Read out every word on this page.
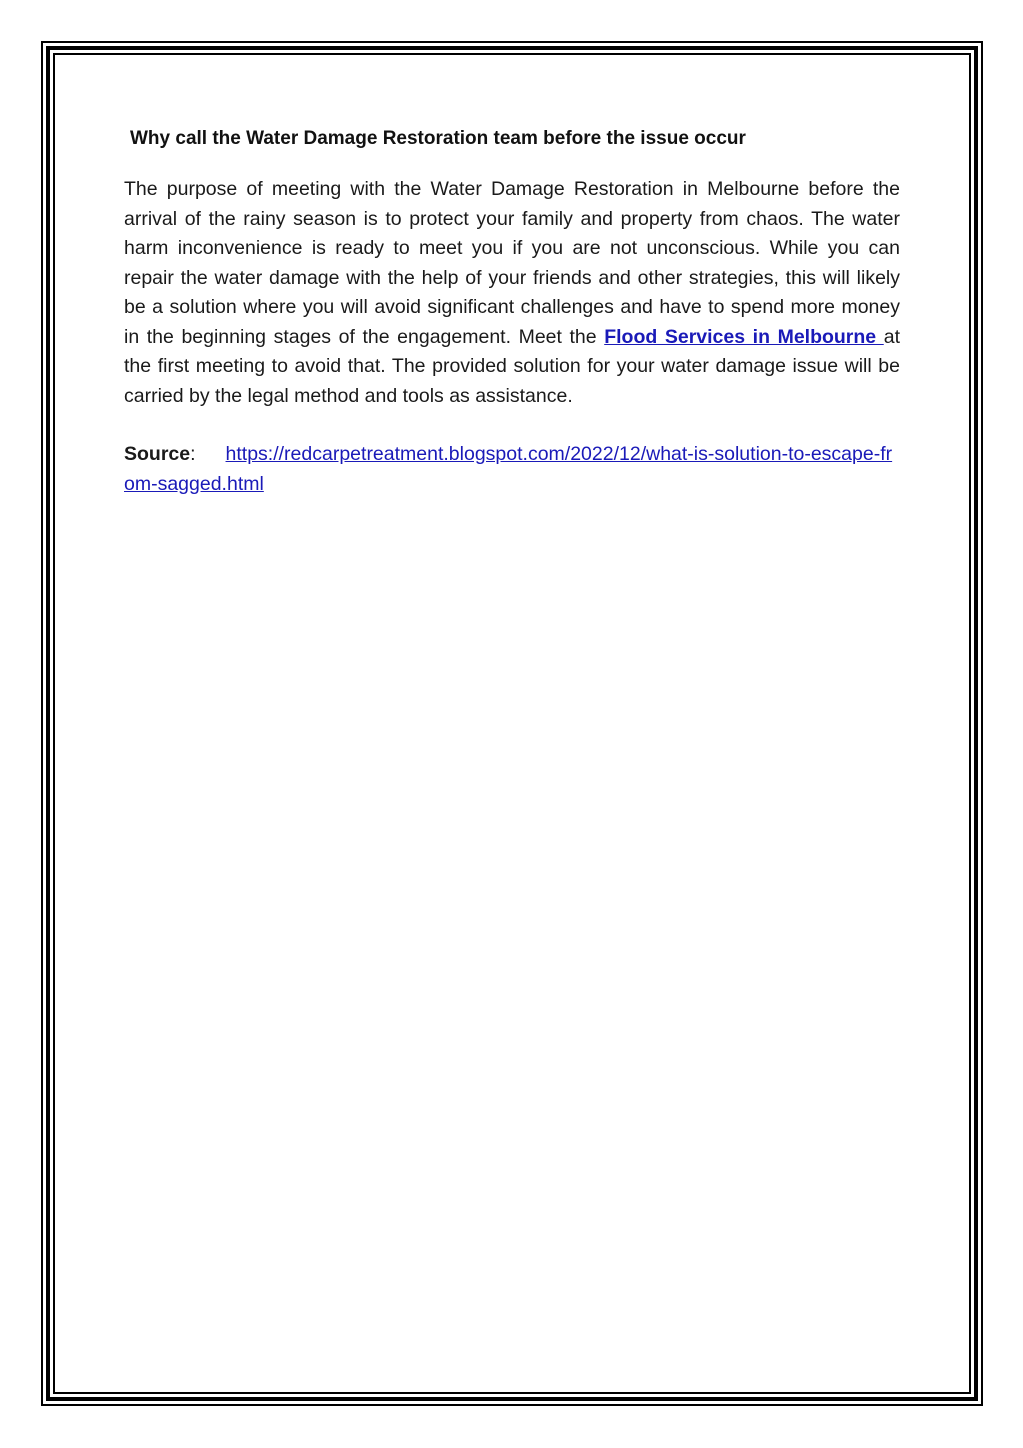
Why call the Water Damage Restoration team before the issue occur

The purpose of meeting with the Water Damage Restoration in Melbourne before the arrival of the rainy season is to protect your family and property from chaos. The water harm inconvenience is ready to meet you if you are not unconscious. While you can repair the water damage with the help of your friends and other strategies, this will likely be a solution where you will avoid significant challenges and have to spend more money in the beginning stages of the engagement. Meet the Flood Services in Melbourne at the first meeting to avoid that. The provided solution for your water damage issue will be carried by the legal method and tools as assistance.

Source: https://redcarpetreatment.blogspot.com/2022/12/what-is-solution-to-escape-from-sagged.html
